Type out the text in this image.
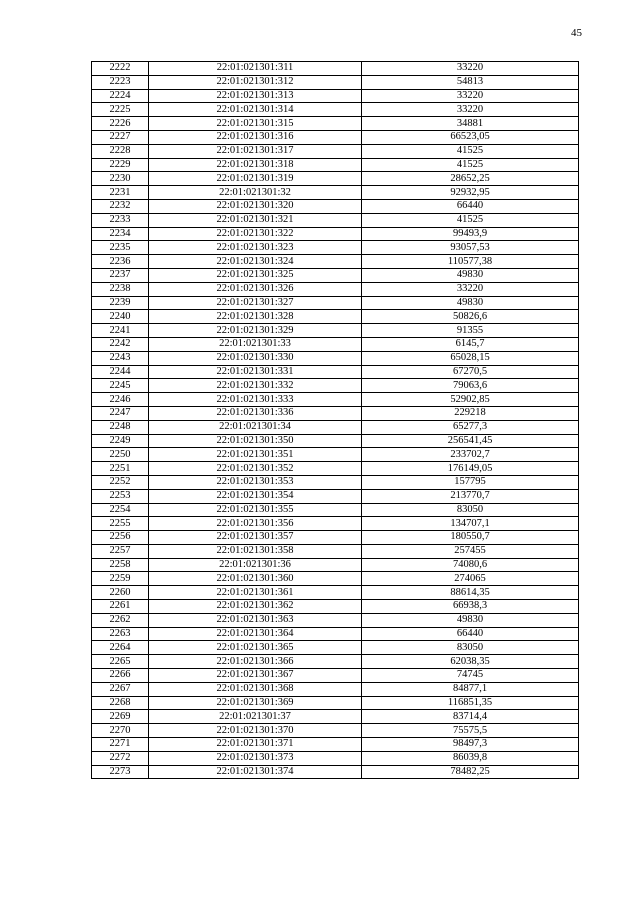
45
2222	22:01:021301:311	33220
2223	22:01:021301:312	54813
2224	22:01:021301:313	33220
2225	22:01:021301:314	33220
2226	22:01:021301:315	34881
2227	22:01:021301:316	66523,05
2228	22:01:021301:317	41525
2229	22:01:021301:318	41525
2230	22:01:021301:319	28652,25
2231	22:01:021301:32	92932,95
2232	22:01:021301:320	66440
2233	22:01:021301:321	41525
2234	22:01:021301:322	99493,9
2235	22:01:021301:323	93057,53
2236	22:01:021301:324	110577,38
2237	22:01:021301:325	49830
2238	22:01:021301:326	33220
2239	22:01:021301:327	49830
2240	22:01:021301:328	50826,6
2241	22:01:021301:329	91355
2242	22:01:021301:33	6145,7
2243	22:01:021301:330	65028,15
2244	22:01:021301:331	67270,5
2245	22:01:021301:332	79063,6
2246	22:01:021301:333	52902,85
2247	22:01:021301:336	229218
2248	22:01:021301:34	65277,3
2249	22:01:021301:350	256541,45
2250	22:01:021301:351	233702,7
2251	22:01:021301:352	176149,05
2252	22:01:021301:353	157795
2253	22:01:021301:354	213770,7
2254	22:01:021301:355	83050
2255	22:01:021301:356	134707,1
2256	22:01:021301:357	180550,7
2257	22:01:021301:358	257455
2258	22:01:021301:36	74080,6
2259	22:01:021301:360	274065
2260	22:01:021301:361	88614,35
2261	22:01:021301:362	66938,3
2262	22:01:021301:363	49830
2263	22:01:021301:364	66440
2264	22:01:021301:365	83050
2265	22:01:021301:366	62038,35
2266	22:01:021301:367	74745
2267	22:01:021301:368	84877,1
2268	22:01:021301:369	116851,35
2269	22:01:021301:37	83714,4
2270	22:01:021301:370	75575,5
2271	22:01:021301:371	98497,3
2272	22:01:021301:373	86039,8
2273	22:01:021301:374	78482,25
